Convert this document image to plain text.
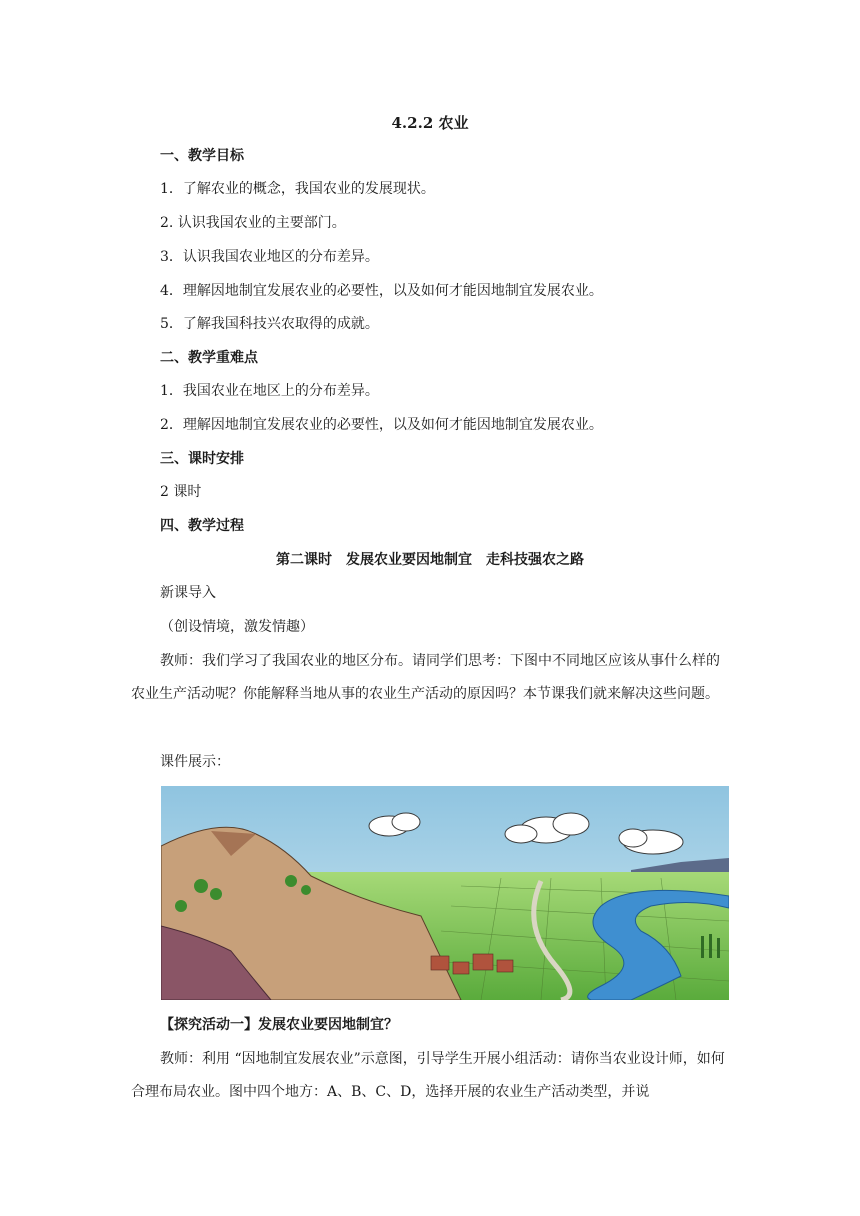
4.2.2 农业
一、教学目标
1．了解农业的概念，我国农业的发展现状。
2. 认识我国农业的主要部门。
3．认识我国农业地区的分布差异。
4．理解因地制宜发展农业的必要性，以及如何才能因地制宜发展农业。
5．了解我国科技兴农取得的成就。
二、教学重难点
1．我国农业在地区上的分布差异。
2．理解因地制宜发展农业的必要性，以及如何才能因地制宜发展农业。
三、课时安排
2 课时
四、教学过程
第二课时　发展农业要因地制宜　走科技强农之路
新课导入
（创设情境，激发情趣）

教师：我们学习了我国农业的地区分布。请同学们思考：下图中不同地区应该从事什么样的农业生产活动呢？你能解释当地从事的农业生产活动的原因吗？本节课我们就来解决这些问题。

课件展示：
【探究活动一】发展农业要因地制宜？

教师：利用 “因地制宜发展农业”示意图，引导学生开展小组活动：请你当农业设计师，如何合理布局农业。图中四个地方：A、B、C、D，选择开展的农业生产活动类型，并说
